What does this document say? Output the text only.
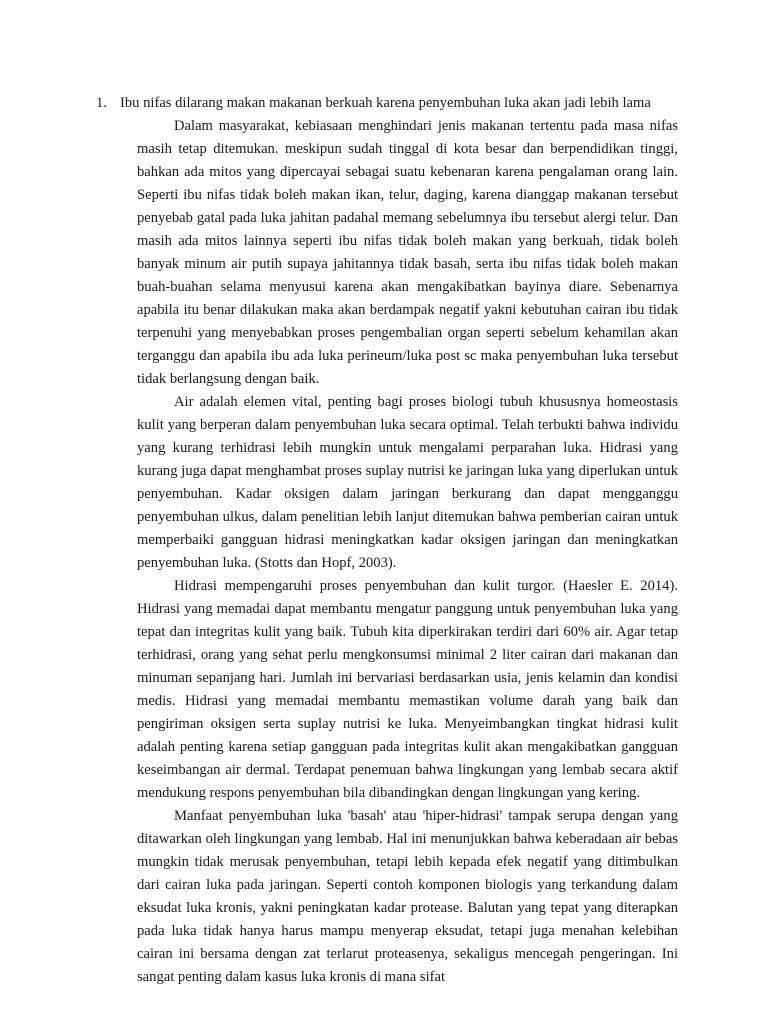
1. Ibu nifas dilarang makan makanan berkuah karena penyembuhan luka akan jadi lebih lama

Dalam masyarakat, kebiasaan menghindari jenis makanan tertentu pada masa nifas masih tetap ditemukan. meskipun sudah tinggal di kota besar dan berpendidikan tinggi, bahkan ada mitos yang dipercayai sebagai suatu kebenaran karena pengalaman orang lain. Seperti ibu nifas tidak boleh makan ikan, telur, daging, karena dianggap makanan tersebut penyebab gatal pada luka jahitan padahal memang sebelumnya ibu tersebut alergi telur. Dan masih ada mitos lainnya seperti ibu nifas tidak boleh makan yang berkuah, tidak boleh banyak minum air putih supaya jahitannya tidak basah, serta ibu nifas tidak boleh makan buah-buahan selama menyusui karena akan mengakibatkan bayinya diare. Sebenarnya apabila itu benar dilakukan maka akan berdampak negatif yakni kebutuhan cairan ibu tidak terpenuhi yang menyebabkan proses pengembalian organ seperti sebelum kehamilan akan terganggu dan apabila ibu ada luka perineum/luka post sc maka penyembuhan luka tersebut tidak berlangsung dengan baik.

Air adalah elemen vital, penting bagi proses biologi tubuh khususnya homeostasis kulit yang berperan dalam penyembuhan luka secara optimal. Telah terbukti bahwa individu yang kurang terhidrasi lebih mungkin untuk mengalami perparahan luka. Hidrasi yang kurang juga dapat menghambat proses suplay nutrisi ke jaringan luka yang diperlukan untuk penyembuhan. Kadar oksigen dalam jaringan berkurang dan dapat mengganggu penyembuhan ulkus, dalam penelitian lebih lanjut ditemukan bahwa pemberian cairan untuk memperbaiki gangguan hidrasi meningkatkan kadar oksigen jaringan dan meningkatkan penyembuhan luka. (Stotts dan Hopf, 2003).

Hidrasi mempengaruhi proses penyembuhan dan kulit turgor. (Haesler E. 2014). Hidrasi yang memadai dapat membantu mengatur panggung untuk penyembuhan luka yang tepat dan integritas kulit yang baik. Tubuh kita diperkirakan terdiri dari 60% air. Agar tetap terhidrasi, orang yang sehat perlu mengkonsumsi minimal 2 liter cairan dari makanan dan minuman sepanjang hari. Jumlah ini bervariasi berdasarkan usia, jenis kelamin dan kondisi medis. Hidrasi yang memadai membantu memastikan volume darah yang baik dan pengiriman oksigen serta suplay nutrisi ke luka. Menyeimbangkan tingkat hidrasi kulit adalah penting karena setiap gangguan pada integritas kulit akan mengakibatkan gangguan keseimbangan air dermal. Terdapat penemuan bahwa lingkungan yang lembab secara aktif mendukung respons penyembuhan bila dibandingkan dengan lingkungan yang kering.

Manfaat penyembuhan luka 'basah' atau 'hiper-hidrasi' tampak serupa dengan yang ditawarkan oleh lingkungan yang lembab. Hal ini menunjukkan bahwa keberadaan air bebas mungkin tidak merusak penyembuhan, tetapi lebih kepada efek negatif yang ditimbulkan dari cairan luka pada jaringan. Seperti contoh komponen biologis yang terkandung dalam eksudat luka kronis, yakni peningkatan kadar protease. Balutan yang tepat yang diterapkan pada luka tidak hanya harus mampu menyerap eksudat, tetapi juga menahan kelebihan cairan ini bersama dengan zat terlarut proteasenya, sekaligus mencegah pengeringan. Ini sangat penting dalam kasus luka kronis di mana sifat
